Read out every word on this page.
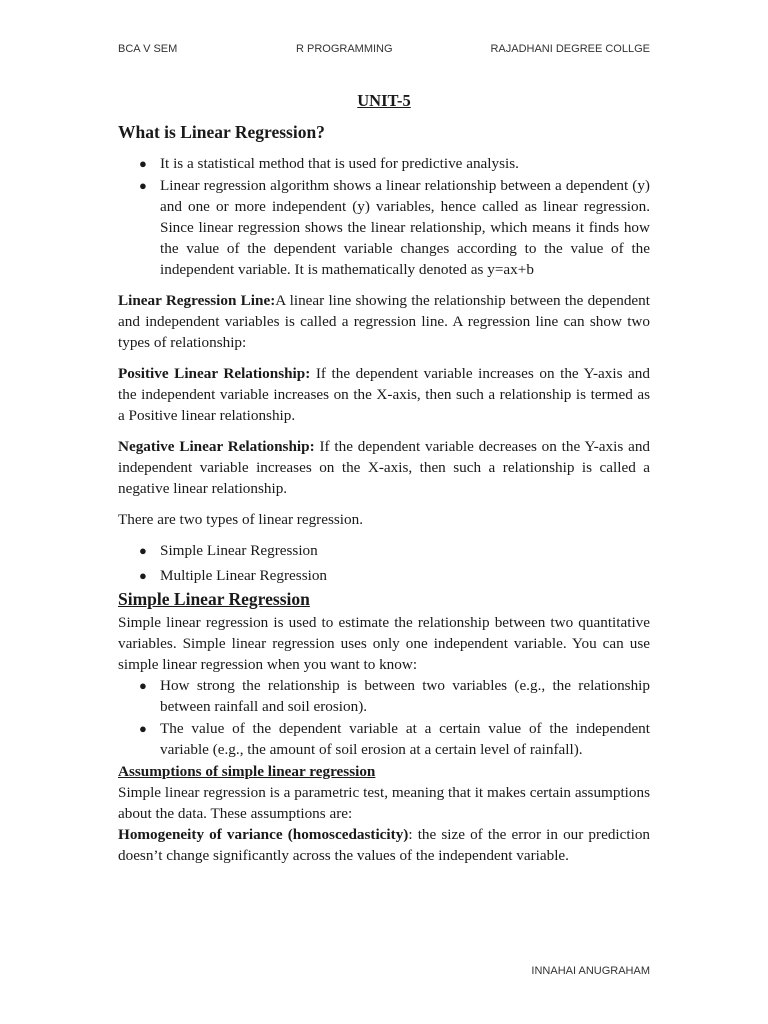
BCA V SEM	R PROGRAMMING	RAJADHANI DEGREE COLLGE
UNIT-5
What is Linear Regression?
● It is a statistical method that is used for predictive analysis.
● Linear regression algorithm shows a linear relationship between a dependent (y) and one or more independent (y) variables, hence called as linear regression. Since linear regression shows the linear relationship, which means it finds how the value of the dependent variable changes according to the value of the independent variable. It is mathematically denoted as y=ax+b

Linear Regression Line:A linear line showing the relationship between the dependent and independent variables is called a regression line. A regression line can show two types of relationship:

Positive Linear Relationship: If the dependent variable increases on the Y-axis and the independent variable increases on the X-axis, then such a relationship is termed as a Positive linear relationship.

Negative Linear Relationship: If the dependent variable decreases on the Y-axis and independent variable increases on the X-axis, then such a relationship is called a negative linear relationship.

There are two types of linear regression.

● Simple Linear Regression
● Multiple Linear Regression
Simple Linear Regression

Simple linear regression is used to estimate the relationship between two quantitative variables. Simple linear regression uses only one independent variable. You can use simple linear regression when you want to know:

● How strong the relationship is between two variables (e.g., the relationship between rainfall and soil erosion).
● The value of the dependent variable at a certain value of the independent variable (e.g., the amount of soil erosion at a certain level of rainfall).
Assumptions of simple linear regression

Simple linear regression is a parametric test, meaning that it makes certain assumptions about the data. These assumptions are:

Homogeneity of variance (homoscedasticity): the size of the error in our prediction doesn’t change significantly across the values of the independent variable.

INNAHAI ANUGRAHAM
